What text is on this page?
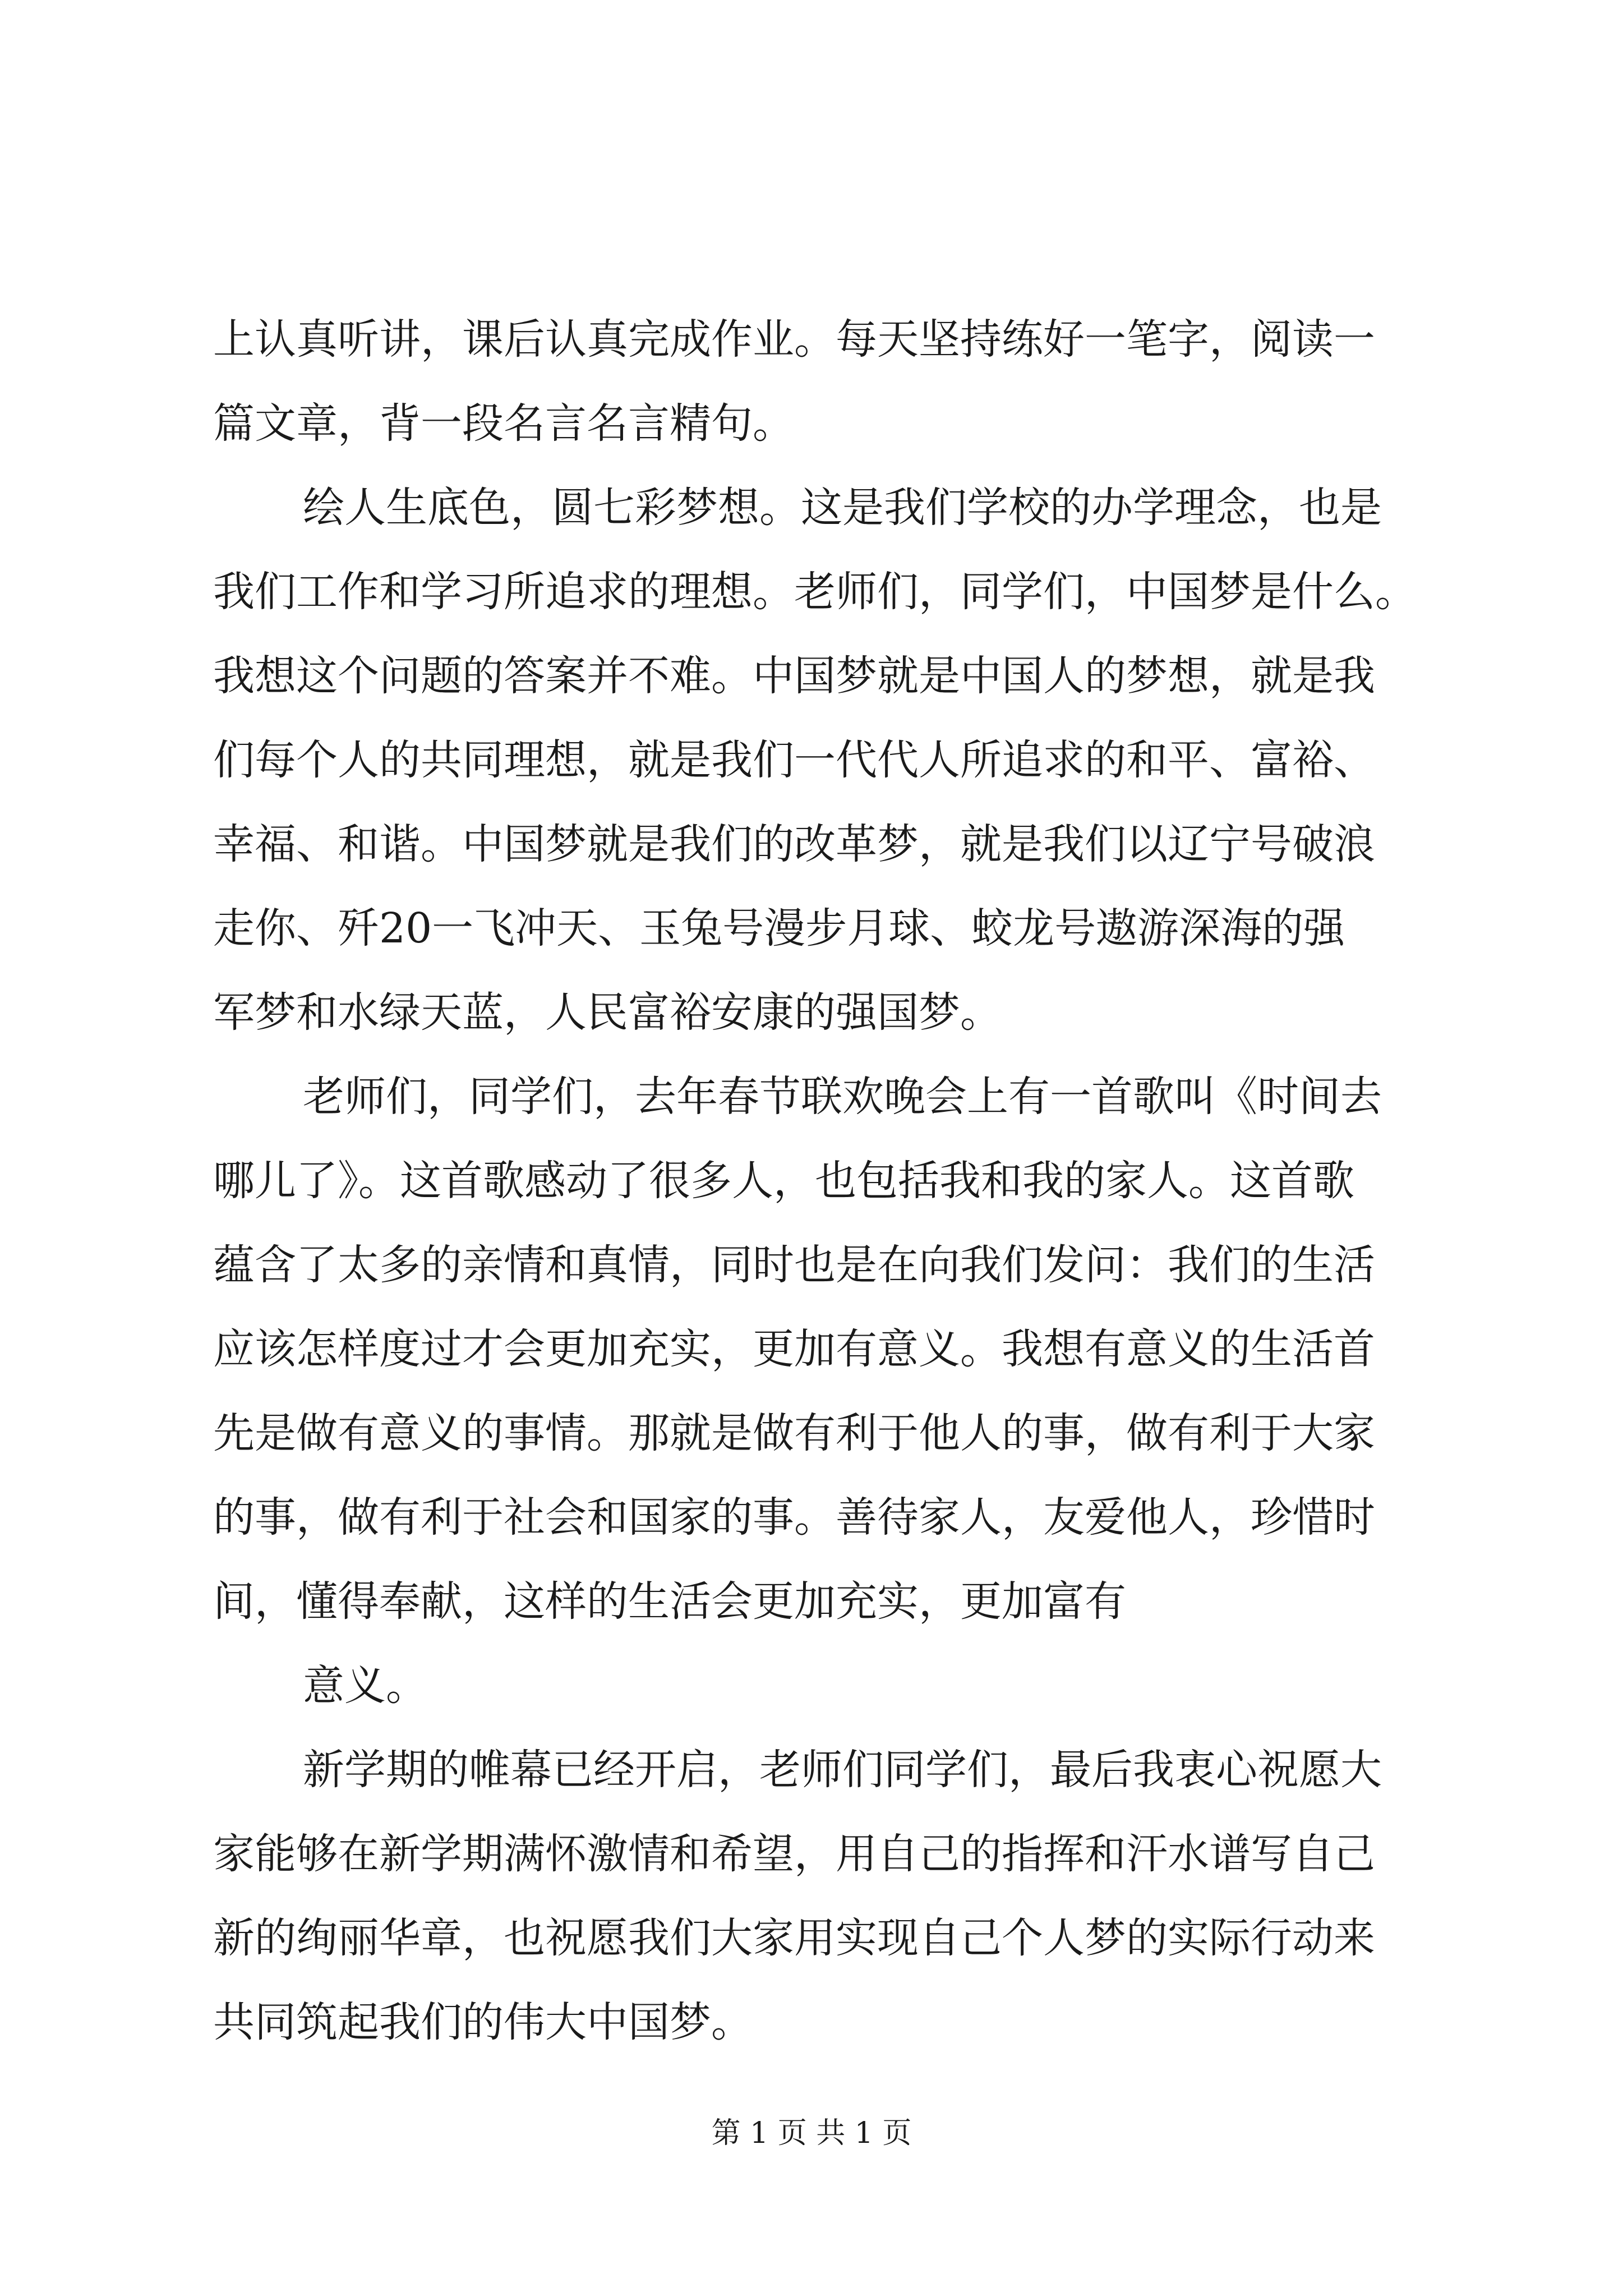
上认真听讲，课后认真完成作业。每天坚持练好一笔字，阅读一
篇文章，背一段名言名言精句。
绘人生底色，圆七彩梦想。这是我们学校的办学理念，也是
我们工作和学习所追求的理想。老师们，同学们，中国梦是什么。
我想这个问题的答案并不难。中国梦就是中国人的梦想，就是我
们每个人的共同理想，就是我们一代代人所追求的和平、富裕、
幸福、和谐。中国梦就是我们的改革梦，就是我们以辽宁号破浪
走你、歼20一飞冲天、玉兔号漫步月球、蛟龙号遨游深海的强
军梦和水绿天蓝，人民富裕安康的强国梦。
老师们，同学们，去年春节联欢晚会上有一首歌叫《时间去
哪儿了》。这首歌感动了很多人，也包括我和我的家人。这首歌
蕴含了太多的亲情和真情，同时也是在向我们发问：我们的生活
应该怎样度过才会更加充实，更加有意义。我想有意义的生活首
先是做有意义的事情。那就是做有利于他人的事，做有利于大家
的事，做有利于社会和国家的事。善待家人，友爱他人，珍惜时
间，懂得奉献，这样的生活会更加充实，更加富有
意义。
新学期的帷幕已经开启，老师们同学们，最后我衷心祝愿大
家能够在新学期满怀激情和希望，用自己的指挥和汗水谱写自己
新的绚丽华章，也祝愿我们大家用实现自己个人梦的实际行动来
共同筑起我们的伟大中国梦。
第 1 页 共 1 页
